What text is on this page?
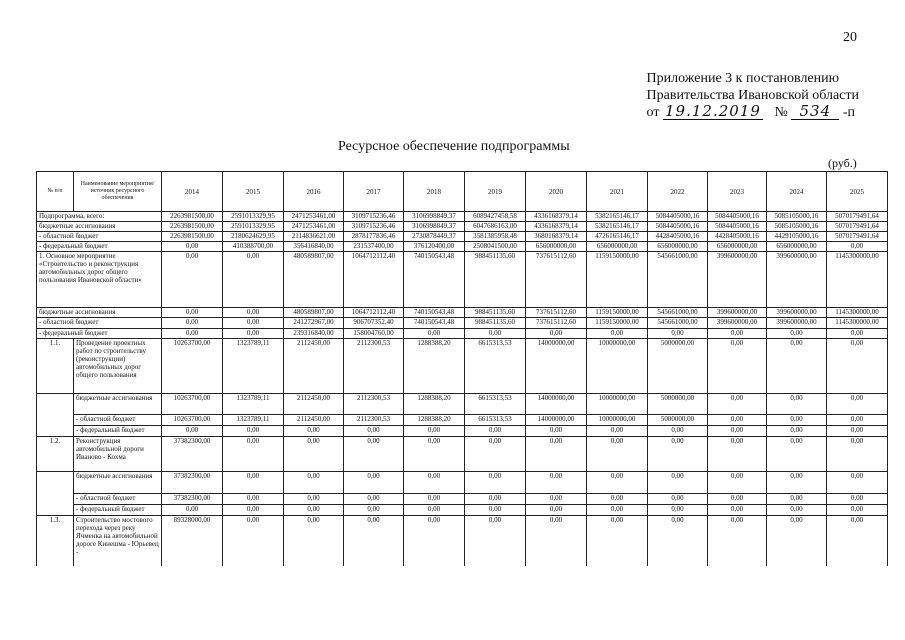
20
Приложение 3 к постановлению
Правительства Ивановской области
от 19.12.2019 № 534 -п
Ресурсное обеспечение подпрограммы
(руб.)
№ п/п	Наименование мероприятия/источник ресурсного обеспечения	2014	2015	2016	2017	2018	2019	2020	2021	2022	2023	2024	2025
Подпрограмма, всего:		2263981500,00	2591013329,95	2471253461,00	3109715236,46	3106998849,37	6089427458,58	4336168379,14	5382165146,17	5084405000,16	5084405000,16	5085105000,16	5070179491,64
бюджетные ассигнования		2263981500,00	2591013329,95	2471253461,00	3109715236,46	3106998849,37	6047686163,00	4336168379,14	5382165146,17	5084405000,16	5084405000,16	5085105000,16	5070179491,64
- областной бюджет		2263981500,00	2180624629,95	2114836621,00	2878177836,46	2730878449,37	3581385958,48	3680168379,14	4726165146,17	4428405000,16	4428405000,16	4429105000,16	5070179491,64
- федеральный бюджет		0,00	410388700,00	356416840,00	231537400,00	376120400,00	2508041500,00	656000000,00	656000000,00	656000000,00	656000000,00	656000000,00	0,00
1. Основное мероприятие «Строительство и реконструкция автомобильных дорог общего пользования Ивановской области»		0,00	0,00	480589807,00	1064712112,40	740150543,48	988451135,60	737615112,60	1159150000,00	545661000,00	399600000,00	399600000,00	1145300000,00
бюджетные ассигнования		0,00	0,00	480589807,00	1064712112,40	740150543,48	988451135,60	737615112,60	1159150000,00	545661000,00	399600000,00	399600000,00	1145300000,00
- областной бюджет		0,00	0,00	241272967,00	906707352,40	740150543,48	988451135,60	737615112,60	1159150000,00	545661000,00	399600000,00	399600000,00	1145300000,00
- федеральный бюджет		0,00	0,00	239316840,00	158004760,00	0,00	0,00	0,00	0,00	0,00	0,00	0,00	0,00
1.1.	Проведение проектных работ по строительству (реконструкции) автомобильных дорог общего пользования	10263700,00	1323789,11	2112450,00	2112300,53	1288388,20	6615313,53	14000000,00	10000000,00	5000000,00	0,00	0,00	0,00
	бюджетные ассигнования	10263700,00	1323789,11	2112450,00	2112300,53	1288388,20	6615313,53	14000000,00	10000000,00	5000000,00	0,00	0,00	0,00
	- областной бюджет	10263700,00	1323789,11	2112450,00	2112300,53	1288388,20	6615313,53	14000000,00	10000000,00	5000000,00	0,00	0,00	0,00
	- федеральный бюджет	0,00	0,00	0,00	0,00	0,00	0,00	0,00	0,00	0,00	0,00	0,00	0,00
1.2.	Реконструкция автомобильной дороги Иваново - Кохма	37382300,00	0,00	0,00	0,00	0,00	0,00	0,00	0,00	0,00	0,00	0,00	0,00
	бюджетные ассигнования	37382300,00	0,00	0,00	0,00	0,00	0,00	0,00	0,00	0,00	0,00	0,00	0,00
	- областной бюджет	37382300,00	0,00	0,00	0,00	0,00	0,00	0,00	0,00	0,00	0,00	0,00	0,00
	- федеральный бюджет	0,00	0,00	0,00	0,00	0,00	0,00	0,00	0,00	0,00	0,00	0,00	0,00
1.3.	Строительство мостового перехода через реку Ячменка на автомобильной дороге Кинешма - Юрьевец -	89328000,00	0,00	0,00	0,00	0,00	0,00	0,00	0,00	0,00	0,00	0,00	0,00
